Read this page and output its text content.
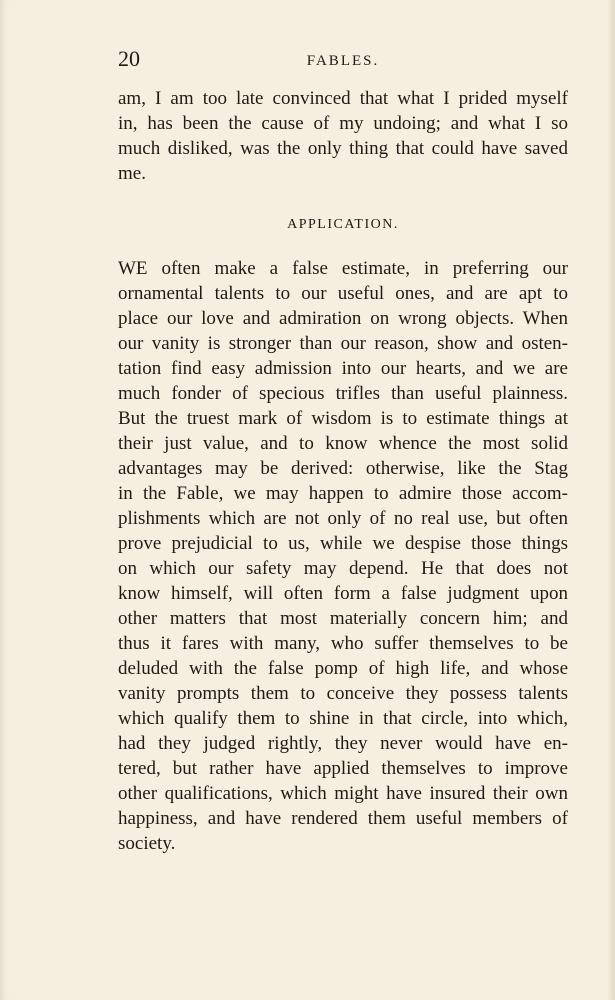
20	FABLES.
am, I am too late convinced that what I prided myself
in, has been the cause of my undoing; and what I so
much disliked, was the only thing that could have saved
me.
APPLICATION.
WE often make a false estimate, in preferring our
ornamental talents to our useful ones, and are apt to
place our love and admiration on wrong objects. When
our vanity is stronger than our reason, show and osten-
tation find easy admission into our hearts, and we are
much fonder of specious trifles than useful plainness.
But the truest mark of wisdom is to estimate things at
their just value, and to know whence the most solid
advantages may be derived: otherwise, like the Stag
in the Fable, we may happen to admire those accom-
plishments which are not only of no real use, but often
prove prejudicial to us, while we despise those things
on which our safety may depend. He that does not
know himself, will often form a false judgment upon
other matters that most materially concern him; and
thus it fares with many, who suffer themselves to be
deluded with the false pomp of high life, and whose
vanity prompts them to conceive they possess talents
which qualify them to shine in that circle, into which,
had they judged rightly, they never would have en-
tered, but rather have applied themselves to improve
other qualifications, which might have insured their own
happiness, and have rendered them useful members of
society.
